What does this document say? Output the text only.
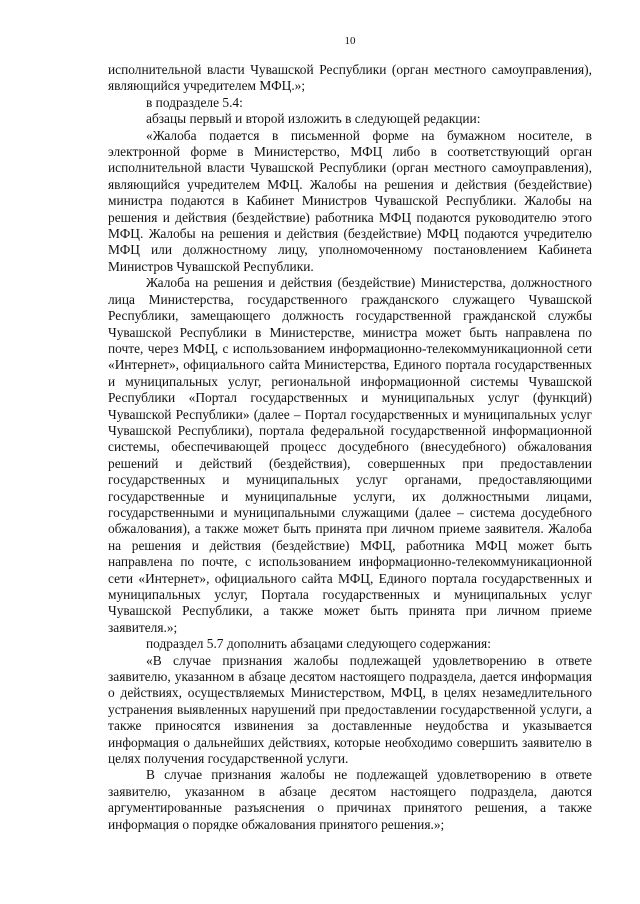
10

исполнительной власти Чувашской Республики (орган местного самоуправления), являющийся учредителем МФЦ.»;

в подразделе 5.4:

абзацы первый и второй изложить в следующей редакции:

«Жалоба подается в письменной форме на бумажном носителе, в электронной форме в Министерство, МФЦ либо в соответствующий орган исполнительной власти Чувашской Республики (орган местного самоуправления), являющийся учредителем МФЦ. Жалобы на решения и действия (бездействие) министра подаются в Кабинет Министров Чувашской Республики. Жалобы на решения и действия (бездействие) работника МФЦ подаются руководителю этого МФЦ. Жалобы на решения и действия (бездействие) МФЦ подаются учредителю МФЦ или должностному лицу, уполномоченному постановлением Кабинета Министров Чувашской Республики.

Жалоба на решения и действия (бездействие) Министерства, должностного лица Министерства, государственного гражданского служащего Чувашской Республики, замещающего должность государственной гражданской службы Чувашской Республики в Министерстве, министра может быть направлена по почте, через МФЦ, с использованием информационно-телекоммуникационной сети «Интернет», официального сайта Министерства, Единого портала государственных и муниципальных услуг, региональной информационной системы Чувашской Республики «Портал государственных и муниципальных услуг (функций) Чувашской Республики» (далее – Портал государственных и муниципальных услуг Чувашской Республики), портала федеральной государственной информационной системы, обеспечивающей процесс досудебного (внесудебного) обжалования решений и действий (бездействия), совершенных при предоставлении государственных и муниципальных услуг органами, предоставляющими государственные и муниципальные услуги, их должностными лицами, государственными и муниципальными служащими (далее – система досудебного обжалования), а также может быть принята при личном приеме заявителя. Жалоба на решения и действия (бездействие) МФЦ, работника МФЦ может быть направлена по почте, с использованием информационно-телекоммуникационной сети «Интернет», официального сайта МФЦ, Единого портала государственных и муниципальных услуг, Портала государственных и муниципальных услуг Чувашской Республики, а также может быть принята при личном приеме заявителя.»;

подраздел 5.7 дополнить абзацами следующего содержания:

«В случае признания жалобы подлежащей удовлетворению в ответе заявителю, указанном в абзаце десятом настоящего подраздела, дается информация о действиях, осуществляемых Министерством, МФЦ, в целях незамедлительного устранения выявленных нарушений при предоставлении государственной услуги, а также приносятся извинения за доставленные неудобства и указывается информация о дальнейших действиях, которые необходимо совершить заявителю в целях получения государственной услуги.

В случае признания жалобы не подлежащей удовлетворению в ответе заявителю, указанном в абзаце десятом настоящего подраздела, даются аргументированные разъяснения о причинах принятого решения, а также информация о порядке обжалования принятого решения.»;
